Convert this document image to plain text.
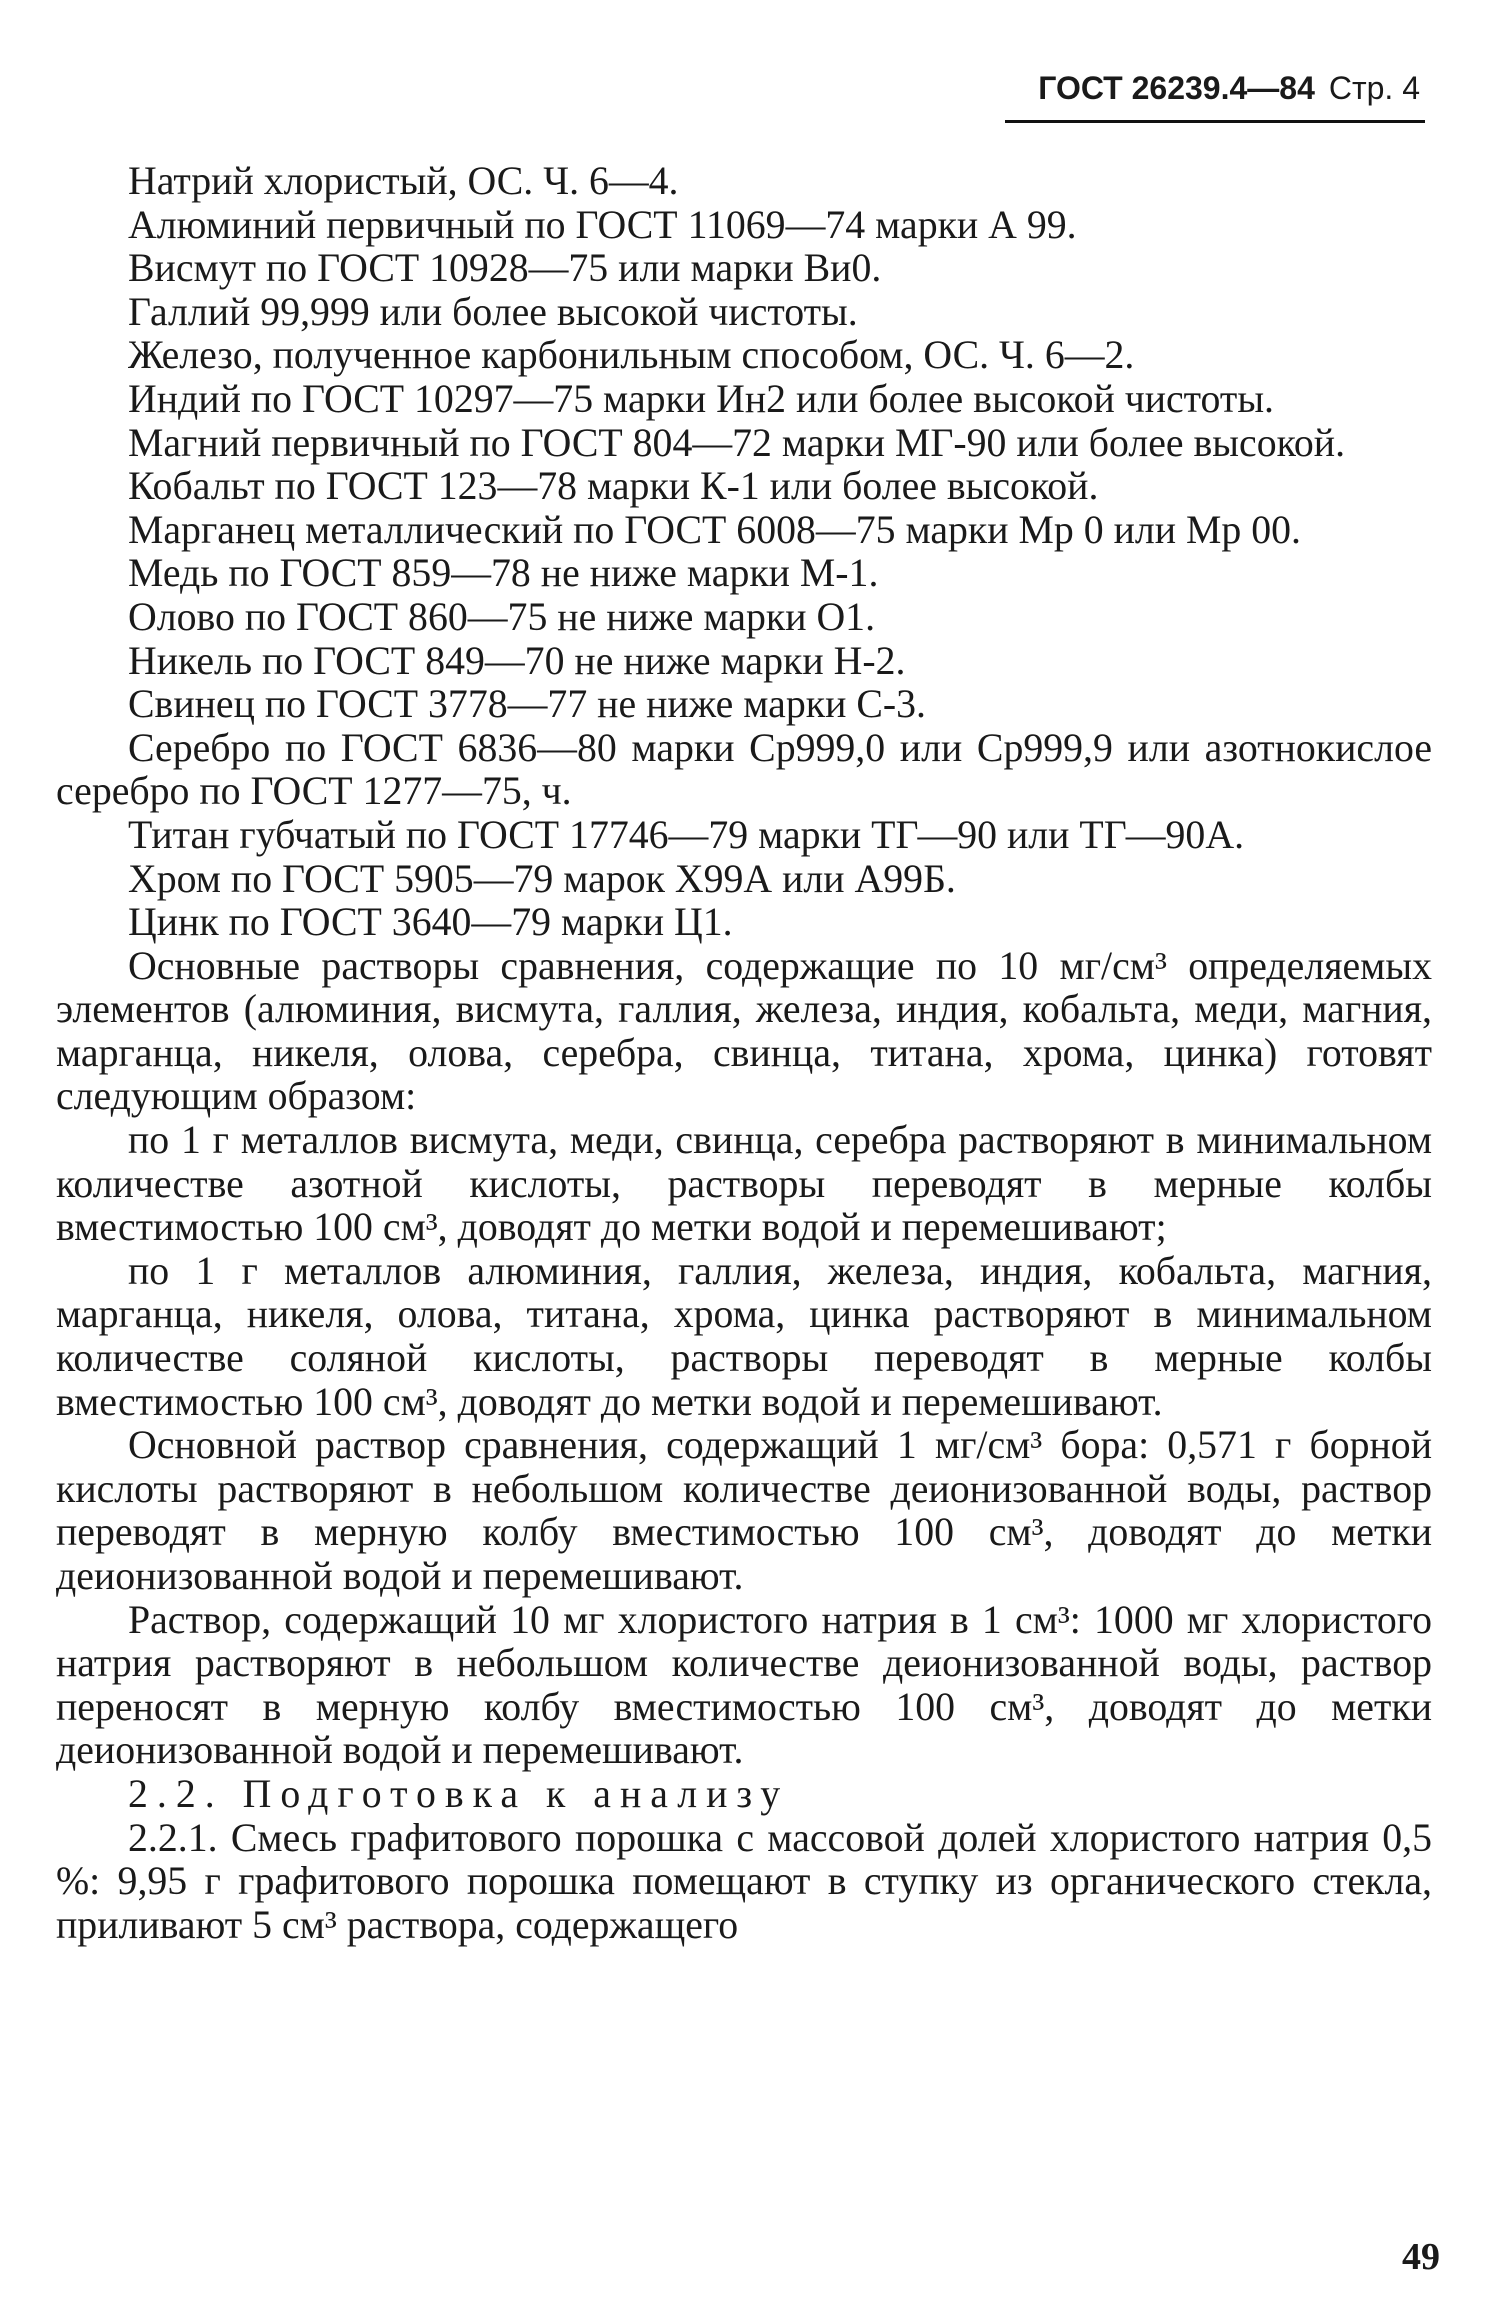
ГОСТ 26239.4—84 Стр. 4

Натрий хлористый, ОС. Ч. 6—4.

Алюминий первичный по ГОСТ 11069—74 марки А 99.

Висмут по ГОСТ 10928—75 или марки Ви0.

Галлий 99,999 или более высокой чистоты.

Железо, полученное карбонильным способом, ОС. Ч. 6—2.

Индий по ГОСТ 10297—75 марки Ин2 или более высокой чистоты.

Магний первичный по ГОСТ 804—72 марки МГ-90 или более высокой.

Кобальт по ГОСТ 123—78 марки К-1 или более высокой.

Марганец металлический по ГОСТ 6008—75 марки Мр 0 или Мр 00.

Медь по ГОСТ 859—78 не ниже марки М-1.

Олово по ГОСТ 860—75 не ниже марки О1.

Никель по ГОСТ 849—70 не ниже марки Н-2.

Свинец по ГОСТ 3778—77 не ниже марки С-3.

Серебро по ГОСТ 6836—80 марки Ср999,0 или Ср999,9 или азотнокислое серебро по ГОСТ 1277—75, ч.

Титан губчатый по ГОСТ 17746—79 марки ТГ—90 или ТГ—90А.

Хром по ГОСТ 5905—79 марок Х99А или А99Б.

Цинк по ГОСТ 3640—79 марки Ц1.

Основные растворы сравнения, содержащие по 10 мг/см³ определяемых элементов (алюминия, висмута, галлия, железа, индия, кобальта, меди, магния, марганца, никеля, олова, серебра, свинца, титана, хрома, цинка) готовят следующим образом:

по 1 г металлов висмута, меди, свинца, серебра растворяют в минимальном количестве азотной кислоты, растворы переводят в мерные колбы вместимостью 100 см³, доводят до метки водой и перемешивают;

по 1 г металлов алюминия, галлия, железа, индия, кобальта, магния, марганца, никеля, олова, титана, хрома, цинка растворяют в минимальном количестве соляной кислоты, растворы переводят в мерные колбы вместимостью 100 см³, доводят до метки водой и перемешивают.

Основной раствор сравнения, содержащий 1 мг/см³ бора: 0,571 г борной кислоты растворяют в небольшом количестве деионизованной воды, раствор переводят в мерную колбу вместимостью 100 см³, доводят до метки деионизованной водой и перемешивают.

Раствор, содержащий 10 мг хлористого натрия в 1 см³: 1000 мг хлористого натрия растворяют в небольшом количестве деионизованной воды, раствор переносят в мерную колбу вместимостью 100 см³, доводят до метки деионизованной водой и перемешивают.

2.2. Подготовка к анализу

2.2.1. Смесь графитового порошка с массовой долей хлористого натрия 0,5 %: 9,95 г графитового порошка помещают в ступку из органического стекла, приливают 5 см³ раствора, содержащего

49
